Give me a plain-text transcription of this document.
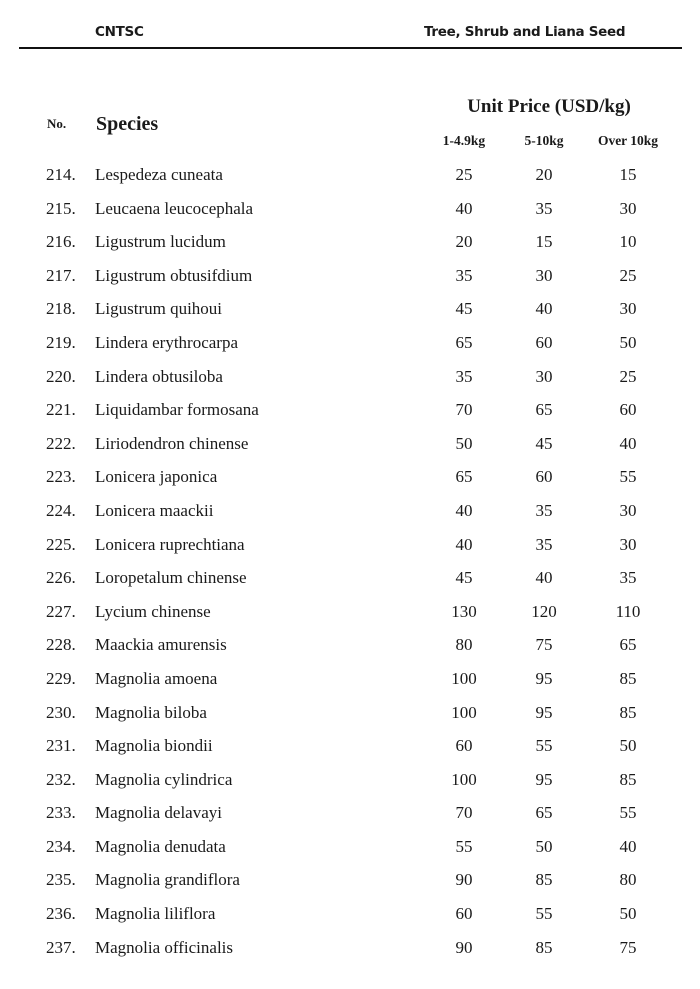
CNTSC	Tree, Shrub and Liana Seed
No. Species
Unit Price (USD/kg)
1-4.9kg	5-10kg	Over 10kg
214. Lespedeza cuneata	25	20	15
215. Leucaena leucocephala	40	35	30
216. Ligustrum lucidum	20	15	10
217. Ligustrum obtusifdium	35	30	25
218. Ligustrum quihoui	45	40	30
219. Lindera erythrocarpa	65	60	50
220. Lindera obtusiloba	35	30	25
221. Liquidambar formosana	70	65	60
222. Liriodendron chinense	50	45	40
223. Lonicera japonica	65	60	55
224. Lonicera maackii	40	35	30
225. Lonicera ruprechtiana	40	35	30
226. Loropetalum chinense	45	40	35
227. Lycium chinense	130	120	110
228. Maackia amurensis	80	75	65
229. Magnolia amoena	100	95	85
230. Magnolia biloba	100	95	85
231. Magnolia biondii	60	55	50
232. Magnolia cylindrica	100	95	85
233. Magnolia delavayi	70	65	55
234. Magnolia denudata	55	50	40
235. Magnolia grandiflora	90	85	80
236. Magnolia liliflora	60	55	50
237. Magnolia officinalis	90	85	75
